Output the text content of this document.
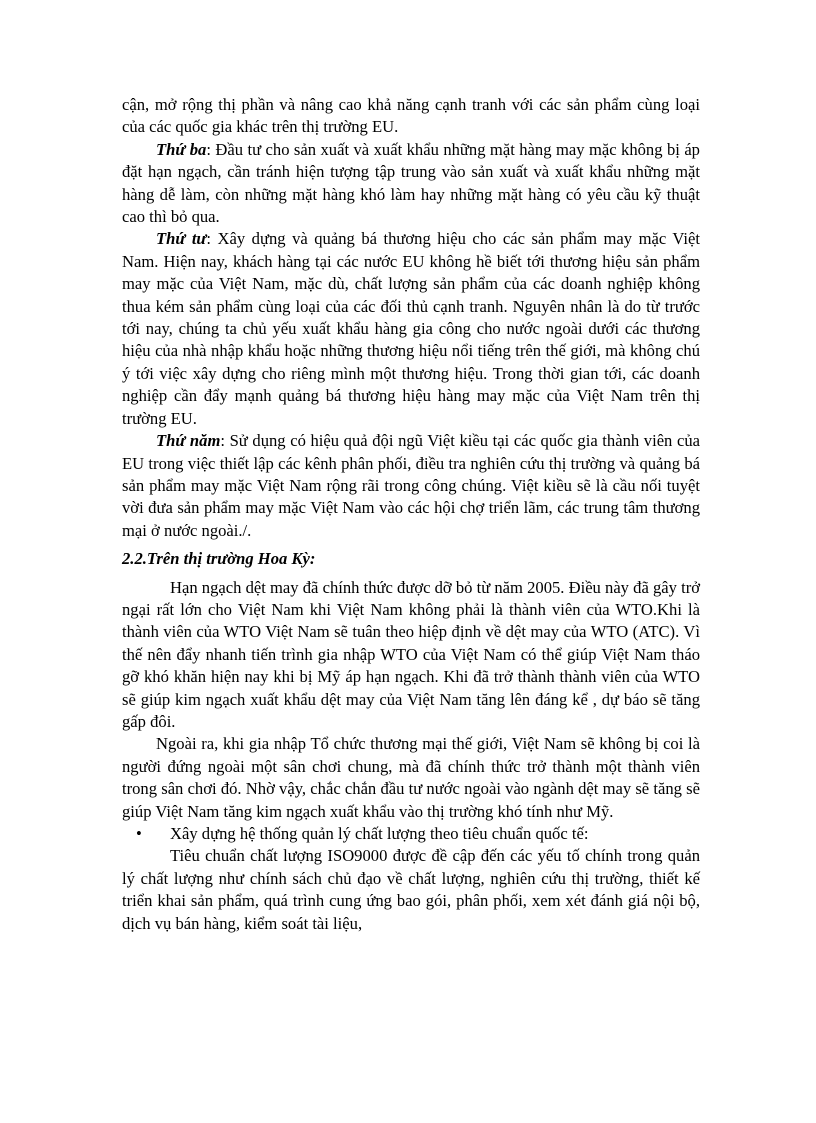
cận, mở rộng thị phần và nâng cao khả năng cạnh tranh với các sản phẩm cùng loại của các quốc gia khác trên thị trường EU.

Thứ ba: Đầu tư cho sản xuất và xuất khẩu những mặt hàng may mặc không bị áp đặt hạn ngạch, cần tránh hiện tượng tập trung vào sản xuất và xuất khẩu những mặt hàng dễ làm, còn những mặt hàng khó làm hay những mặt hàng có yêu cầu kỹ thuật cao thì bỏ qua.

Thứ tư: Xây dựng và quảng bá thương hiệu cho các sản phẩm may mặc Việt Nam. Hiện nay, khách hàng tại các nước EU không hề biết tới thương hiệu sản phẩm may mặc của Việt Nam, mặc dù, chất lượng sản phẩm của các doanh nghiệp không thua kém sản phẩm cùng loại của các đối thủ cạnh tranh. Nguyên nhân là do từ trước tới nay, chúng ta chủ yếu xuất khẩu hàng gia công cho nước ngoài dưới các thương hiệu của nhà nhập khẩu hoặc những thương hiệu nổi tiếng trên thế giới, mà không chú ý tới việc xây dựng cho riêng mình một thương hiệu. Trong thời gian tới, các doanh nghiệp cần đẩy mạnh quảng bá thương hiệu hàng may mặc của Việt Nam trên thị trường EU.

Thứ năm: Sử dụng có hiệu quả đội ngũ Việt kiều tại các quốc gia thành viên của EU trong việc thiết lập các kênh phân phối, điều tra nghiên cứu thị trường và quảng bá sản phẩm may mặc Việt Nam rộng rãi trong công chúng. Việt kiều sẽ là cầu nối tuyệt vời đưa sản phẩm may mặc Việt Nam vào các hội chợ triển lãm, các trung tâm thương mại ở nước ngoài./.

2.2.Trên thị trường Hoa Kỳ:

Hạn ngạch dệt may đã chính thức được dỡ bỏ từ năm 2005. Điều này đã gây trở ngại rất lớn cho Việt Nam khi Việt Nam không phải là thành viên của WTO.Khi là thành viên của WTO Việt Nam sẽ tuân theo hiệp định về dệt may của WTO (ATC). Vì thế nên đẩy nhanh tiến trình gia nhập WTO của Việt Nam có thể giúp Việt Nam tháo gỡ khó khăn hiện nay khi bị Mỹ áp hạn ngạch. Khi đã trở thành thành viên của WTO sẽ giúp kim ngạch xuất khẩu dệt may của Việt Nam tăng lên đáng kể , dự báo sẽ tăng gấp đôi.

Ngoài ra, khi gia nhập Tổ chức thương mại thế giới, Việt Nam sẽ không bị coi là người đứng ngoài một sân chơi chung, mà đã chính thức trở thành một thành viên trong sân chơi đó. Nhờ vậy, chắc chắn đầu tư nước ngoài vào ngành dệt may sẽ tăng sẽ giúp Việt Nam tăng kim ngạch xuất khẩu vào thị trường khó tính như Mỹ.

•	Xây dựng hệ thống quản lý chất lượng theo tiêu chuẩn quốc tế:

Tiêu chuẩn chất lượng ISO9000 được đề cập đến các yếu tố chính trong quản lý chất lượng như chính sách chủ đạo về chất lượng, nghiên cứu thị trường, thiết kế triển khai sản phẩm, quá trình cung ứng bao gói, phân phối, xem xét đánh giá nội bộ, dịch vụ bán hàng, kiểm soát tài liệu,
